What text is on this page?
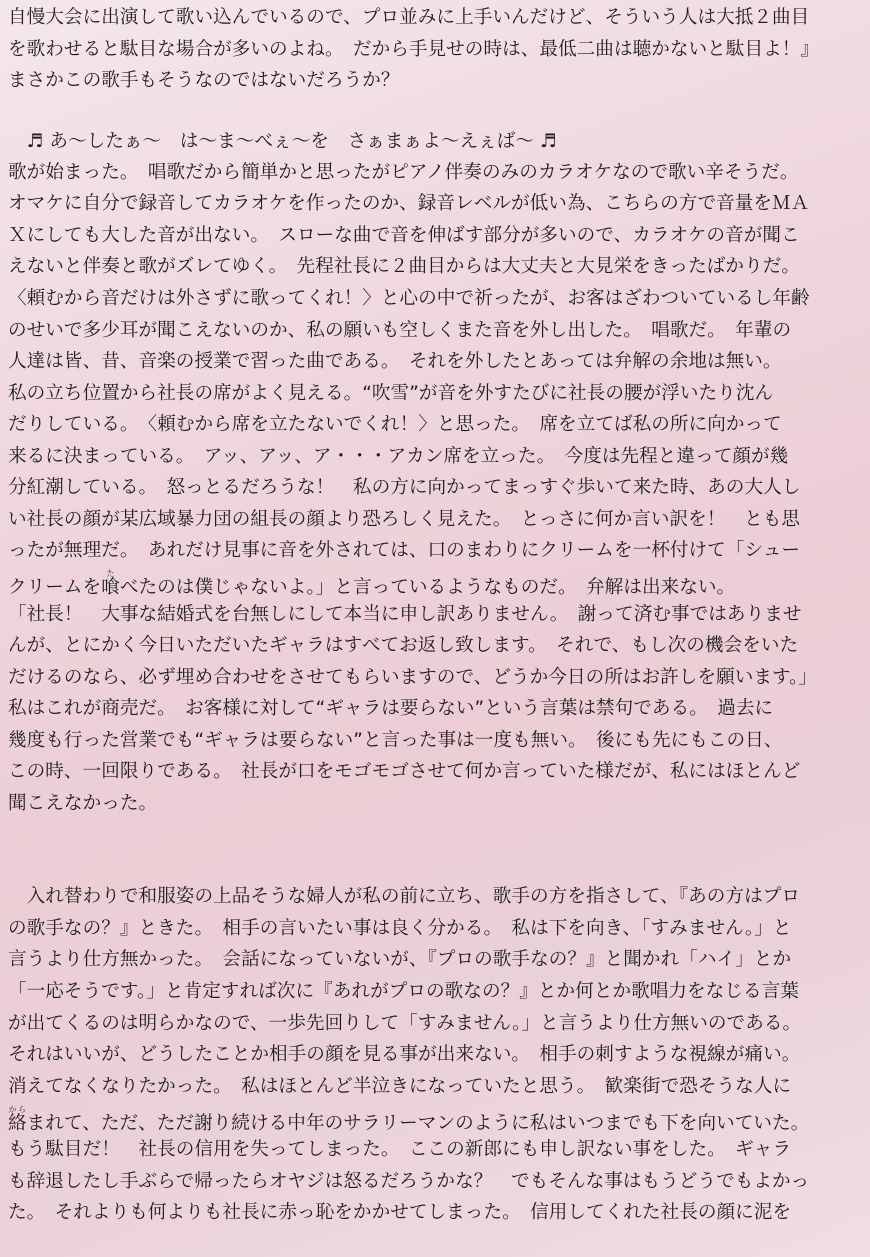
自慢大会に出演して歌い込んでいるので、プロ並みに上手いんだけど、そういう人は大抵２曲目
を歌わせると駄目な場合が多いのよね。　だから手見せの時は、最低二曲は聴かないと駄目よ！』
まさかこの歌手もそうなのではないだろうか？
　♬ あ～したぁ～　は～ま～べぇ～を　さぁまぁよ～えぇば～ ♬
歌が始まった。　唱歌だから簡単かと思ったがピアノ伴奏のみのカラオケなので歌い辛そうだ。
オマケに自分で録音してカラオケを作ったのか、録音レベルが低い為、こちらの方で音量をＭＡ
Ｘにしても大した音が出ない。　スローな曲で音を伸ばす部分が多いので、カラオケの音が聞こ
えないと伴奏と歌がズレてゆく。　先程社長に２曲目からは大丈夫と大見栄をきったばかりだ。
〈頼むから音だけは外さずに歌ってくれ！〉と心の中で祈ったが、お客はざわついているし年齢
のせいで多少耳が聞こえないのか、私の願いも空しくまた音を外し出した。　唱歌だ。　年輩の
人達は皆、昔、音楽の授業で習った曲である。　それを外したとあっては弁解の余地は無い。
私の立ち位置から社長の席がよく見える。“吹雪”が音を外すたびに社長の腰が浮いたり沈ん
だりしている。　〈頼むから席を立たないでくれ！〉と思った。　席を立てば私の所に向かって
来るに決まっている。　アッ、アッ、ア・・・アカン席を立った。　今度は先程と違って顔が幾
分紅潮している。　怒っとるだろうな！　私の方に向かってまっすぐ歩いて来た時、あの大人し
い社長の顔が某広域暴力団の組長の顔より恐ろしく見えた。　とっさに何か言い訳を！　とも思
ったが無理だ。　あれだけ見事に音を外されては、口のまわりにクリームを一杯付けて「シュー
クリームを喰たべたのは僕じゃないよ。」と言っているようなものだ。　弁解は出来ない。
「社長！　大事な結婚式を台無しにして本当に申し訳ありません。　謝って済む事ではありませ
んが、とにかく今日いただいたギャラはすべてお返し致します。　それで、もし次の機会をいた
だけるのなら、必ず埋め合わせをさせてもらいますので、どうか今日の所はお許しを願います。」
私はこれが商売だ。　お客様に対して“ギャラは要らない”という言葉は禁句である。　過去に
幾度も行った営業でも“ギャラは要らない”と言った事は一度も無い。　後にも先にもこの日、
この時、一回限りである。　社長が口をモゴモゴさせて何か言っていた様だが、私にはほとんど
聞こえなかった。
　入れ替わりで和服姿の上品そうな婦人が私の前に立ち、歌手の方を指さして、『あの方はプロ
の歌手なの？』ときた。　相手の言いたい事は良く分かる。　私は下を向き、「すみません。」と
言うより仕方無かった。　会話になっていないが、『プロの歌手なの？』と聞かれ「ハイ」とか
「一応そうです。」と肯定すれば次に『あれがプロの歌なの？』とか何とか歌唱力をなじる言葉
が出てくるのは明らかなので、一歩先回りして「すみません。」と言うより仕方無いのである。
それはいいが、どうしたことか相手の顔を見る事が出来ない。　相手の刺すような視線が痛い。
消えてなくなりたかった。　私はほとんど半泣きになっていたと思う。　歓楽街で恐そうな人に
絡からまれて、ただ、ただ謝り続ける中年のサラリーマンのように私はいつまでも下を向いていた。
もう駄目だ！　社長の信用を失ってしまった。　ここの新郎にも申し訳ない事をした。　ギャラ
も辞退したし手ぶらで帰ったらオヤジは怒るだろうかな？　でもそんな事はもうどうでもよかっ
た。　それよりも何よりも社長に赤っ恥をかかせてしまった。　信用してくれた社長の顔に泥を
